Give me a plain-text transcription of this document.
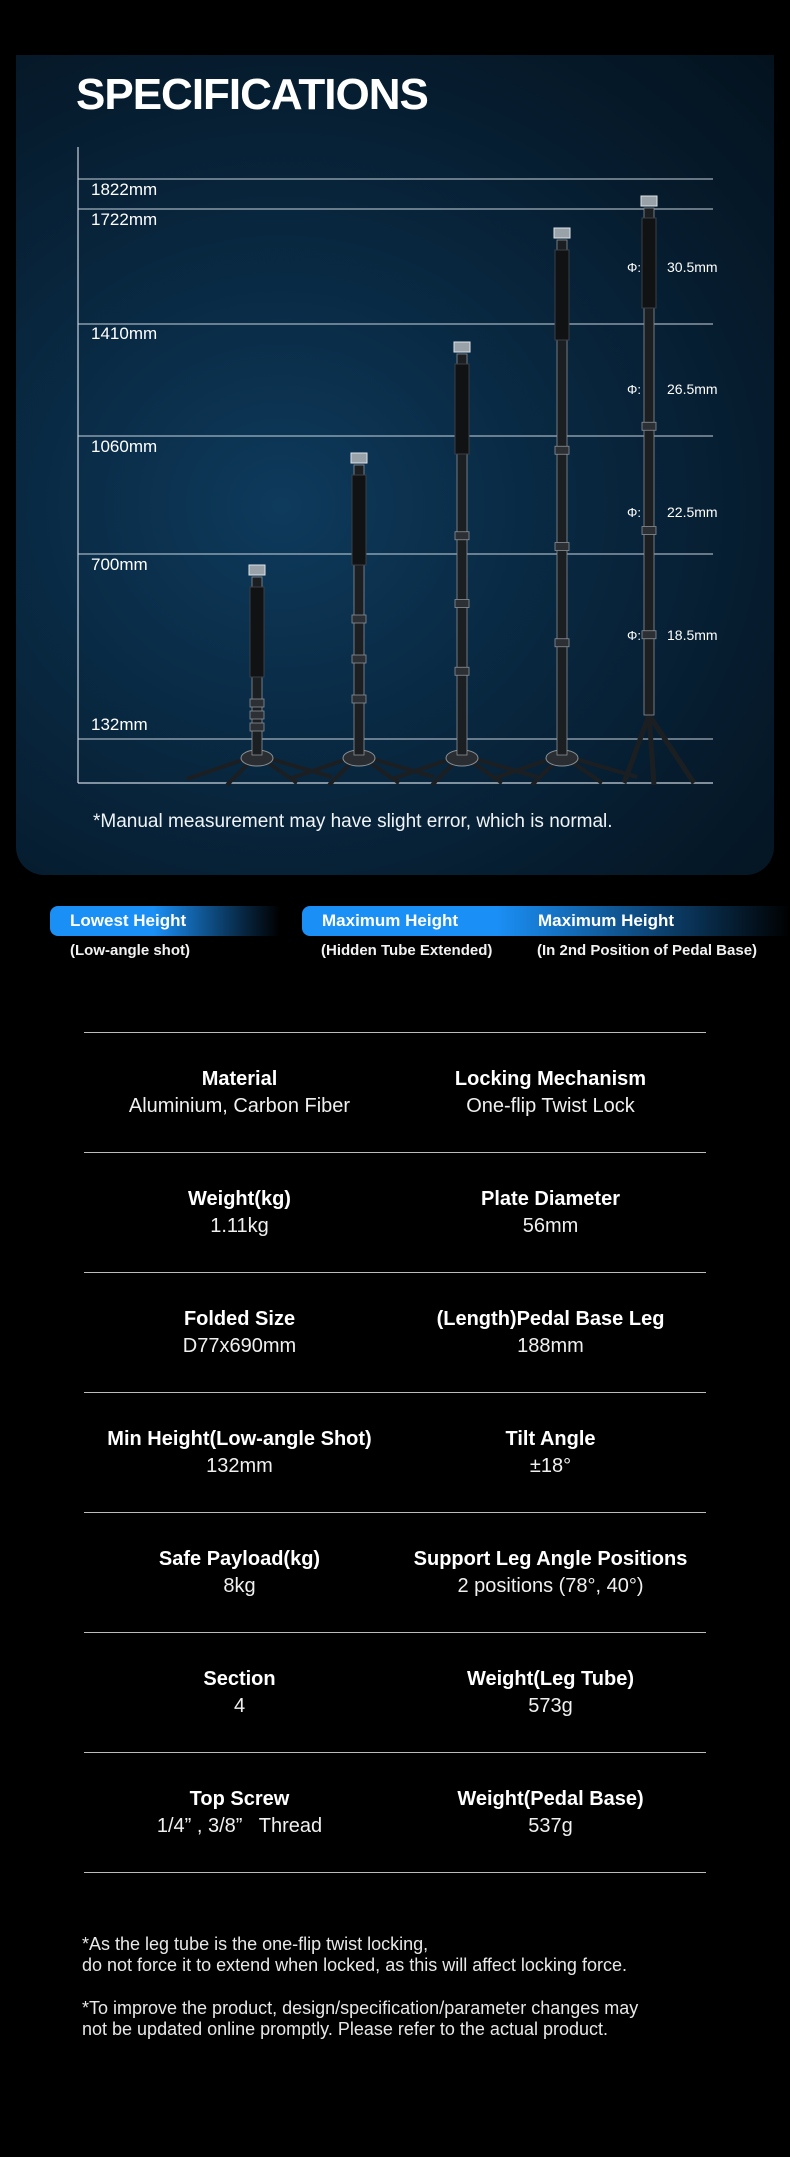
SPECIFICATIONS
1822mm
1722mm
1410mm
1060mm
700mm
132mm
Φ: 30.5mm
Φ: 26.5mm
Φ: 22.5mm
Φ: 18.5mm
*Manual measurement may have slight error, which is normal.
Lowest Height
(Low-angle shot)
Maximum Height	Maximum Height
(Hidden Tube Extended)	(In 2nd Position of Pedal Base)
Material
Aluminium, Carbon Fiber
Locking Mechanism
One-flip Twist Lock
Weight(kg)
1.11kg
Plate Diameter
56mm
Folded Size
D77x690mm
(Length)Pedal Base Leg
188mm
Min Height(Low-angle Shot)
132mm
Tilt Angle
±18°
Safe Payload(kg)
8kg
Support Leg Angle Positions
2 positions (78°, 40°)
Section
4
Weight(Leg Tube)
573g
Top Screw
1/4” , 3/8”   Thread
Weight(Pedal Base)
537g
*As the leg tube is the one-flip twist locking,
do not force it to extend when locked, as this will affect locking force.
*To improve the product, design/specification/parameter changes may
not be updated online promptly. Please refer to the actual product.
